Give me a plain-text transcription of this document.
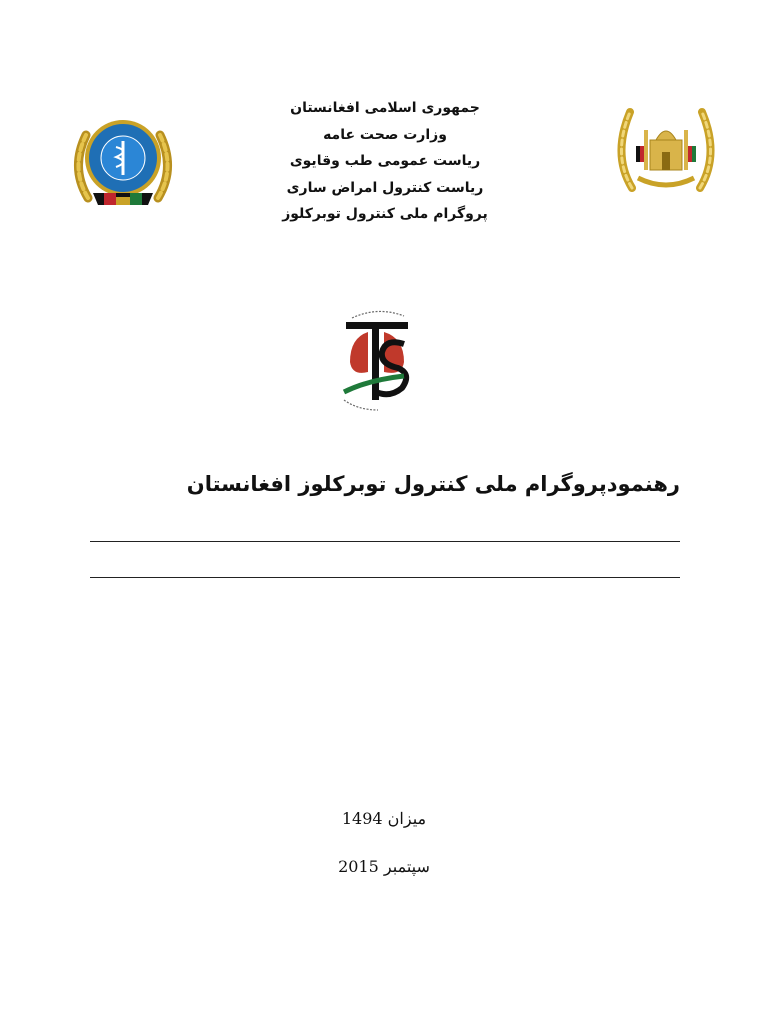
جمهوری اسلامی افغانستان
وزارت صحت عامه
ریاست عمومی طب وقایوی
ریاست کنترول امراض ساری
پروگرام ملی کنترول توبرکلوز
رهنمودپروگرام ملی کنترول توبرکلوز افغانستان
میزان 1494
سپتمبر 2015
